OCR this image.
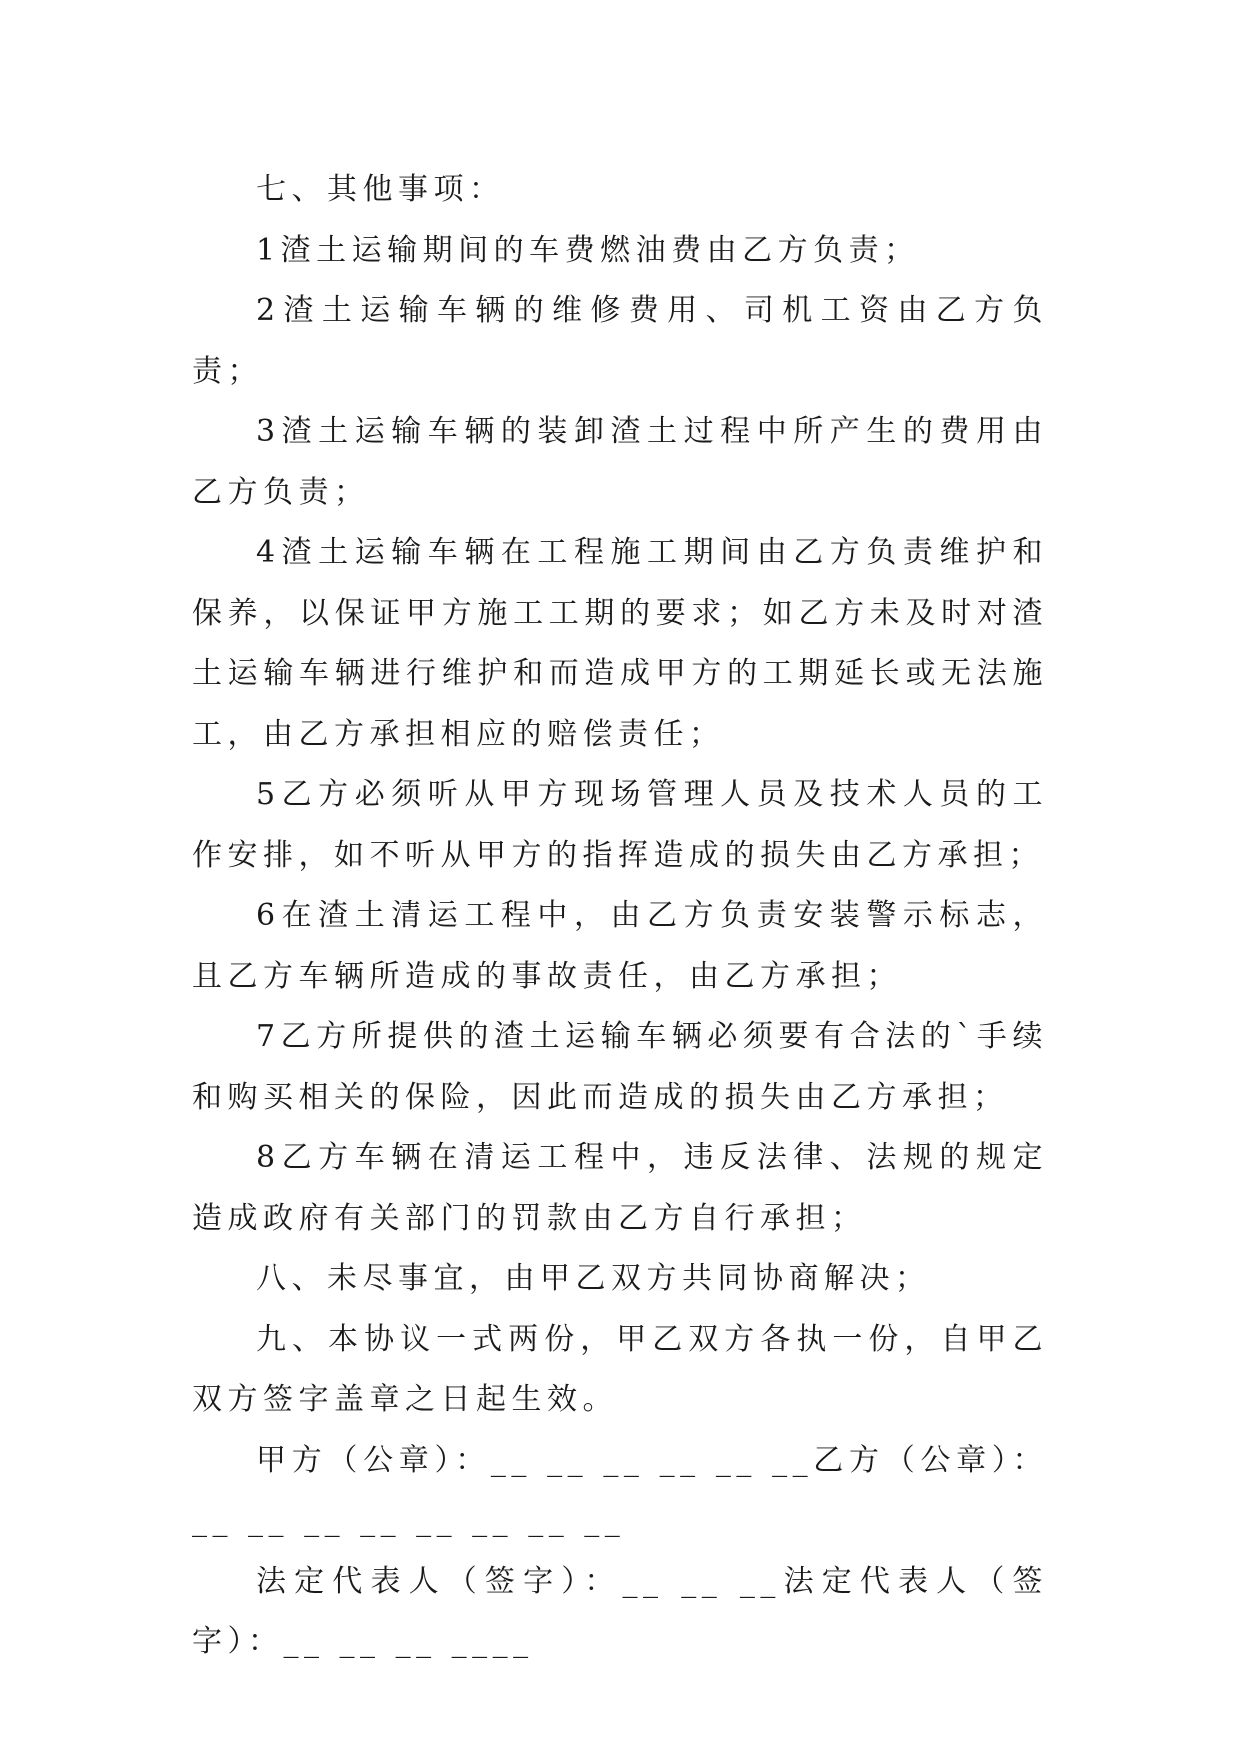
七、其他事项：

1渣土运输期间的车费燃油费由乙方负责；

2渣土运输车辆的维修费用、司机工资由乙方负责；

3渣土运输车辆的装卸渣土过程中所产生的费用由乙方负责；

4渣土运输车辆在工程施工期间由乙方负责维护和保养，以保证甲方施工工期的要求；如乙方未及时对渣土运输车辆进行维护和而造成甲方的工期延长或无法施工，由乙方承担相应的赔偿责任；

5乙方必须听从甲方现场管理人员及技术人员的工作安排，如不听从甲方的指挥造成的损失由乙方承担；

6在渣土清运工程中，由乙方负责安装警示标志，且乙方车辆所造成的事故责任，由乙方承担；

7乙方所提供的渣土运输车辆必须要有合法的`手续和购买相关的保险，因此而造成的损失由乙方承担；

8乙方车辆在清运工程中，违反法律、法规的规定造成政府有关部门的罚款由乙方自行承担；

八、未尽事宜，由甲乙双方共同协商解决；

九、本协议一式两份，甲乙双方各执一份，自甲乙双方签字盖章之日起生效。

甲方（公章）：__ __ __ __ __ __乙方（公章）：__ __ __ __ __ __ __ __

法定代表人（签字）：__ __ __法定代表人（签字）：__ __ __ ____
